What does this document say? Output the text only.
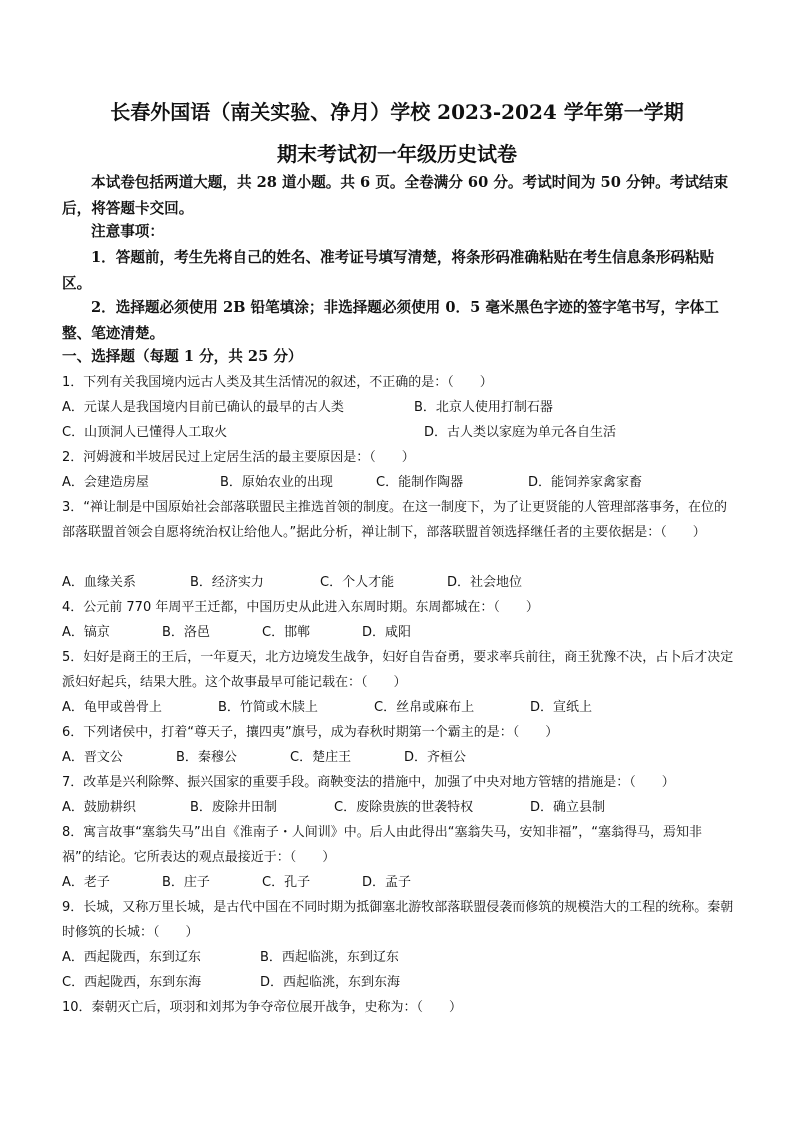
长春外国语（南关实验、净月）学校 2023-2024 学年第一学期
期末考试初一年级历史试卷

本试卷包括两道大题，共 28 道小题。共 6 页。全卷满分 60 分。考试时间为 50 分钟。考试结束后，将答题卡交回。

注意事项：

1．答题前，考生先将自己的姓名、准考证号填写清楚，将条形码准确粘贴在考生信息条形码粘贴区。

2．选择题必须使用 2B 铅笔填涂；非选择题必须使用 0．5 毫米黑色字迹的签字笔书写，字体工整、笔迹清楚。

一、选择题（每题 1 分，共 25 分）

1．下列有关我国境内远古人类及其生活情况的叙述，不正确的是：（　　）

A．元谋人是我国境内目前已确认的最早的古人类	B．北京人使用打制石器
C．山顶洞人已懂得人工取火	D．古人类以家庭为单元各自生活

2．河姆渡和半坡居民过上定居生活的最主要原因是：（　　）

A．会建造房屋	B．原始农业的出现	C．能制作陶器	D．能饲养家禽家畜

3．“禅让制是中国原始社会部落联盟民主推选首领的制度。在这一制度下，为了让更贤能的人管理部落事务，在位的部落联盟首领会自愿将统治权让给他人。”据此分析，禅让制下，部落联盟首领选择继任者的主要依据是：（　　）

A．血缘关系	B．经济实力	C．个人才能	D．社会地位

4．公元前 770 年周平王迁都，中国历史从此进入东周时期。东周都城在：（　　）

A．镐京	B．洛邑	C．邯郸	D．咸阳

5．妇好是商王的王后，一年夏天，北方边境发生战争，妇好自告奋勇，要求率兵前往，商王犹豫不决，占卜后才决定派妇好起兵，结果大胜。这个故事最早可能记载在：（　　）

A．龟甲或兽骨上	B．竹简或木牍上	C．丝帛或麻布上	D．宣纸上

6．下列诸侯中，打着“尊天子，攘四夷”旗号，成为春秋时期第一个霸主的是：（　　）

A．晋文公	B．秦穆公	C．楚庄王	D．齐桓公

7．改革是兴利除弊、振兴国家的重要手段。商鞅变法的措施中，加强了中央对地方管辖的措施是：（　　）

A．鼓励耕织	B．废除井田制	C．废除贵族的世袭特权	D．确立县制

8．寓言故事“塞翁失马”出自《淮南子・人间训》中。后人由此得出“塞翁失马，安知非福”，“塞翁得马，焉知非祸”的结论。它所表达的观点最接近于：（　　）

A．老子	B．庄子	C．孔子	D．孟子

9．长城，又称万里长城，是古代中国在不同时期为抵御塞北游牧部落联盟侵袭而修筑的规模浩大的工程的统称。秦朝时修筑的长城：（　　）

A．西起陇西，东到辽东	B．西起临洮，东到辽东
C．西起陇西，东到东海	D．西起临洮，东到东海

10．秦朝灭亡后，项羽和刘邦为争夺帝位展开战争，史称为：（　　）
